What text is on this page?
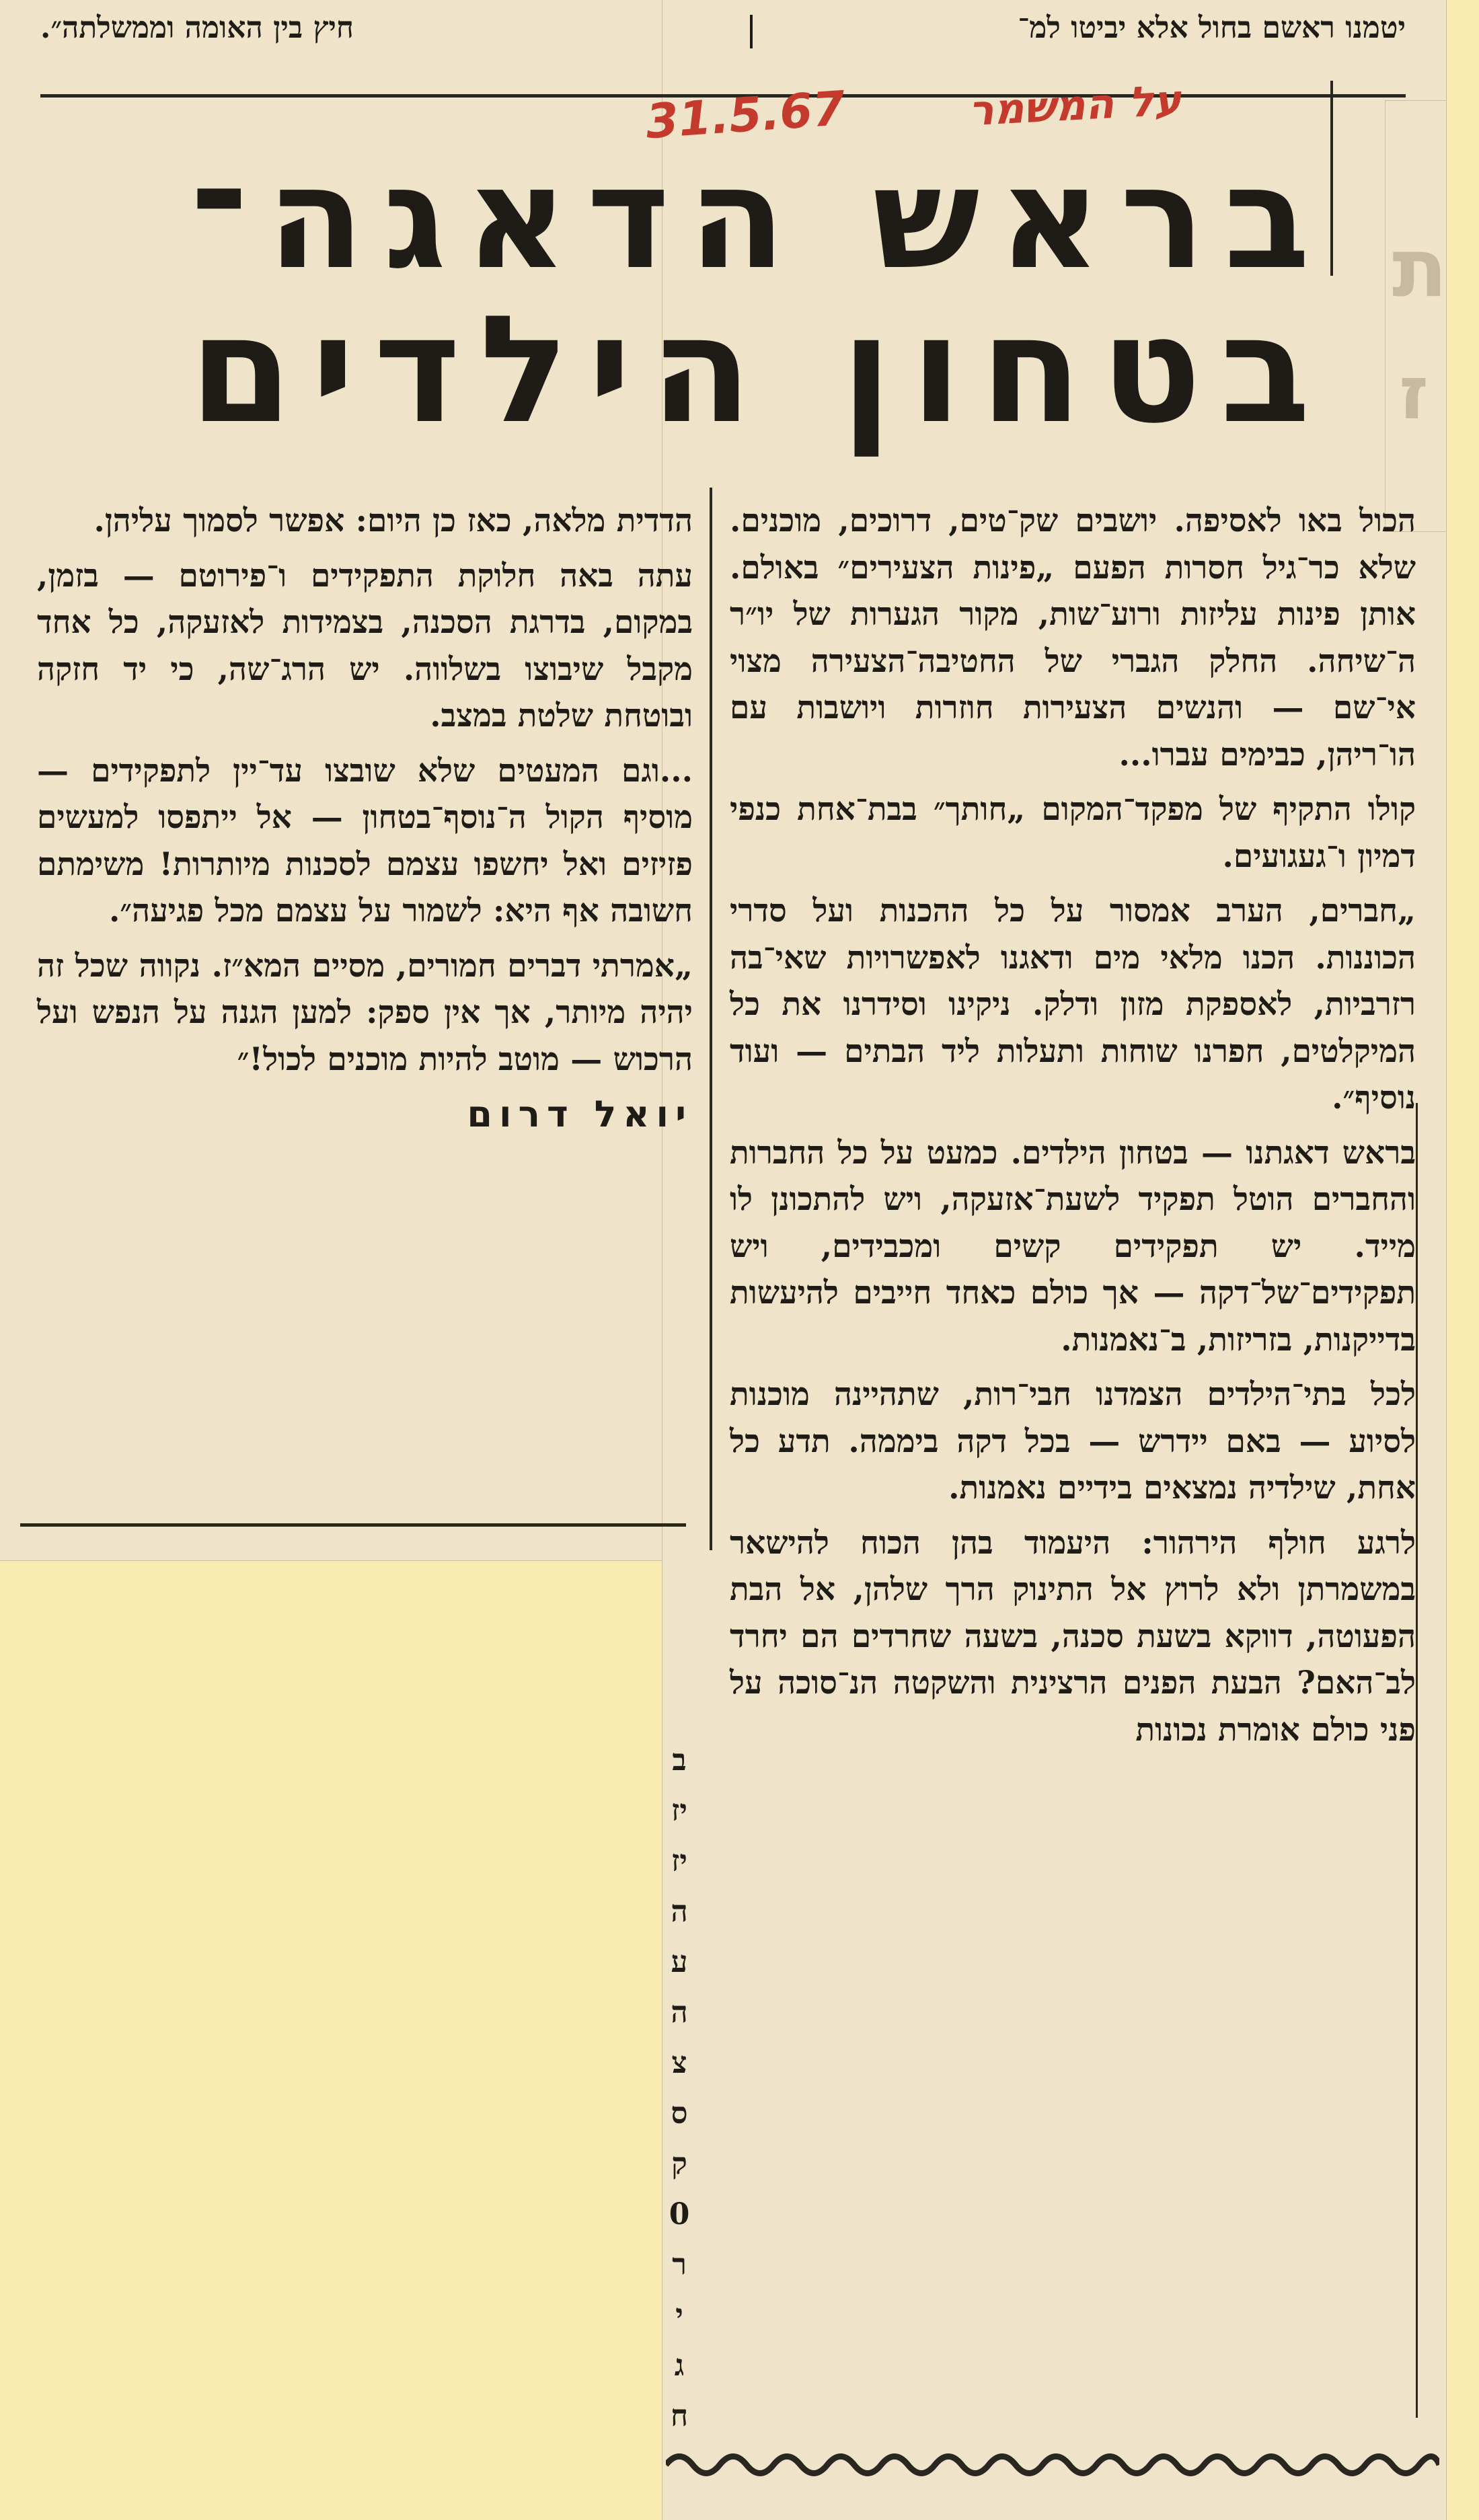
ת
ז
יטמנו ראשם בחול אלא יביטו למ־
חיץ בין האומה וממשלתה״.
31.5.67	על המשמר
בראש הדאגה־
בטחון הילדים

הכול באו לאסיפה. יושבים שק־טים, דרוכים, מוכנים. שלא כר־גיל חסרות הפעם „פינות הצעירים״ באולם. אותן פינות עליזות ורוע־שות, מקור הגערות של יו״ר ה־שיחה. החלק הגברי של החטיבה־הצעירה מצוי אי־שם — והנשים הצעירות חוזרות ויושבות עם הו־ריהן, כבימים עברו...

קולו התקיף של מפקד־המקום „חותך״ בבת־אחת כנפי דמיון ו־געגועים.

„חברים, הערב אמסור על כל ההכנות ועל סדרי הכוננות. הכנו מלאי מים ודאגנו לאפשרויות שאי־בה רזרביות, לאספקת מזון ודלק. ניקינו וסידרנו את כל המיקלטים, חפרנו שוחות ותעלות ליד הבתים — ועוד נוסיף״.

בראש דאגתנו — בטחון הילדים. כמעט על כל החברות והחברים הוטל תפקיד לשעת־אזעקה, ויש להתכונן לו מייד. יש תפקידים קשים ומכבידים, ויש תפקידים־של־דקה — אך כולם כאחד חייבים להיעשות בדייקנות, בזריזות, ב־נאמנות.

לכל בתי־הילדים הצמדנו חבי־רות, שתהיינה מוכנות לסיוע — באם יידרש — בכל דקה ביממה. תדע כל אחת, שילדיה נמצאים בידיים נאמנות.

לרגע חולף הירהור: היעמוד בהן הכוח להישאר במשמרתן ולא לרוץ אל התינוק הרך שלהן, אל הבת הפעוטה, דווקא בשעת סכנה, בשעה שחרדים הם יחרד לב־האם? הבעת הפנים הרצינית והשקטה הנ־סוכה על פני כולם אומרת נכונות

הדדית מלאה, כאז כן היום: אפשר לסמוך עליהן.

עתה באה חלוקת התפקידים ו־פירוטם — בזמן, במקום, בדרגת הסכנה, בצמידות לאזעקה, כל אחד מקבל שיבוצו בשלווה. יש הרג־שה, כי יד חזקה ובוטחת שלטת במצב.

...וגם המעטים שלא שובצו עד־יין לתפקידים — מוסיף הקול ה־נוסף־בטחון — אל ייתפסו למעשים פזיזים ואל יחשפו עצמם לסכנות מיותרות! משימתם חשובה אף היא: לשמור על עצמם מכל פגיעה״.

„אמרתי דברים חמורים, מסיים המא״ז. נקווה שכל זה יהיה מיותר, אך אין ספק: למען הגנה על הנפש ועל הרכוש — מוטב להיות מוכנים לכול!״

יואל דרום
ב
יז
יז
ה
ע
ה
צ
ס
ק
0
ר
י
ג
ח
